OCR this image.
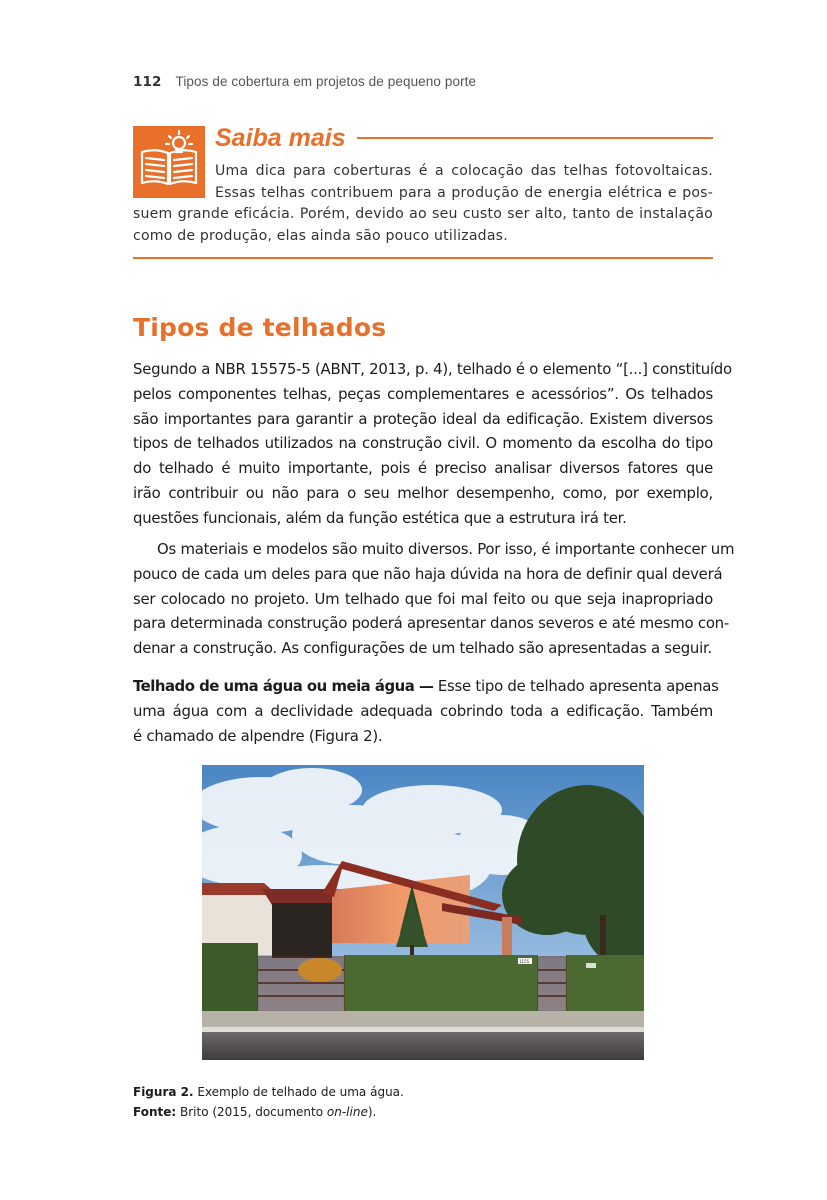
112 Tipos de cobertura em projetos de pequeno porte
Saiba mais
Uma dica para coberturas é a colocação das telhas fotovoltaicas.
Essas telhas contribuem para a produção de energia elétrica e pos-
suem grande eficácia. Porém, devido ao seu custo ser alto, tanto de instalação
como de produção, elas ainda são pouco utilizadas.
Tipos de telhados
Segundo a NBR 15575-5 (ABNT, 2013, p. 4), telhado é o elemento “[...] constituído
pelos componentes telhas, peças complementares e acessórios”. Os telhados
são importantes para garantir a proteção ideal da edificação. Existem diversos
tipos de telhados utilizados na construção civil. O momento da escolha do tipo
do telhado é muito importante, pois é preciso analisar diversos fatores que
irão contribuir ou não para o seu melhor desempenho, como, por exemplo,
questões funcionais, além da função estética que a estrutura irá ter.
Os materiais e modelos são muito diversos. Por isso, é importante conhecer um
pouco de cada um deles para que não haja dúvida na hora de definir qual deverá
ser colocado no projeto. Um telhado que foi mal feito ou que seja inapropriado
para determinada construção poderá apresentar danos severos e até mesmo con-
denar a construção. As configurações de um telhado são apresentadas a seguir.
Telhado de uma água ou meia água — Esse tipo de telhado apresenta apenas
uma água com a declividade adequada cobrindo toda a edificação. Também
é chamado de alpendre (Figura 2).
1155
Figura 2. Exemplo de telhado de uma água.
Fonte: Brito (2015, documento on-line).
